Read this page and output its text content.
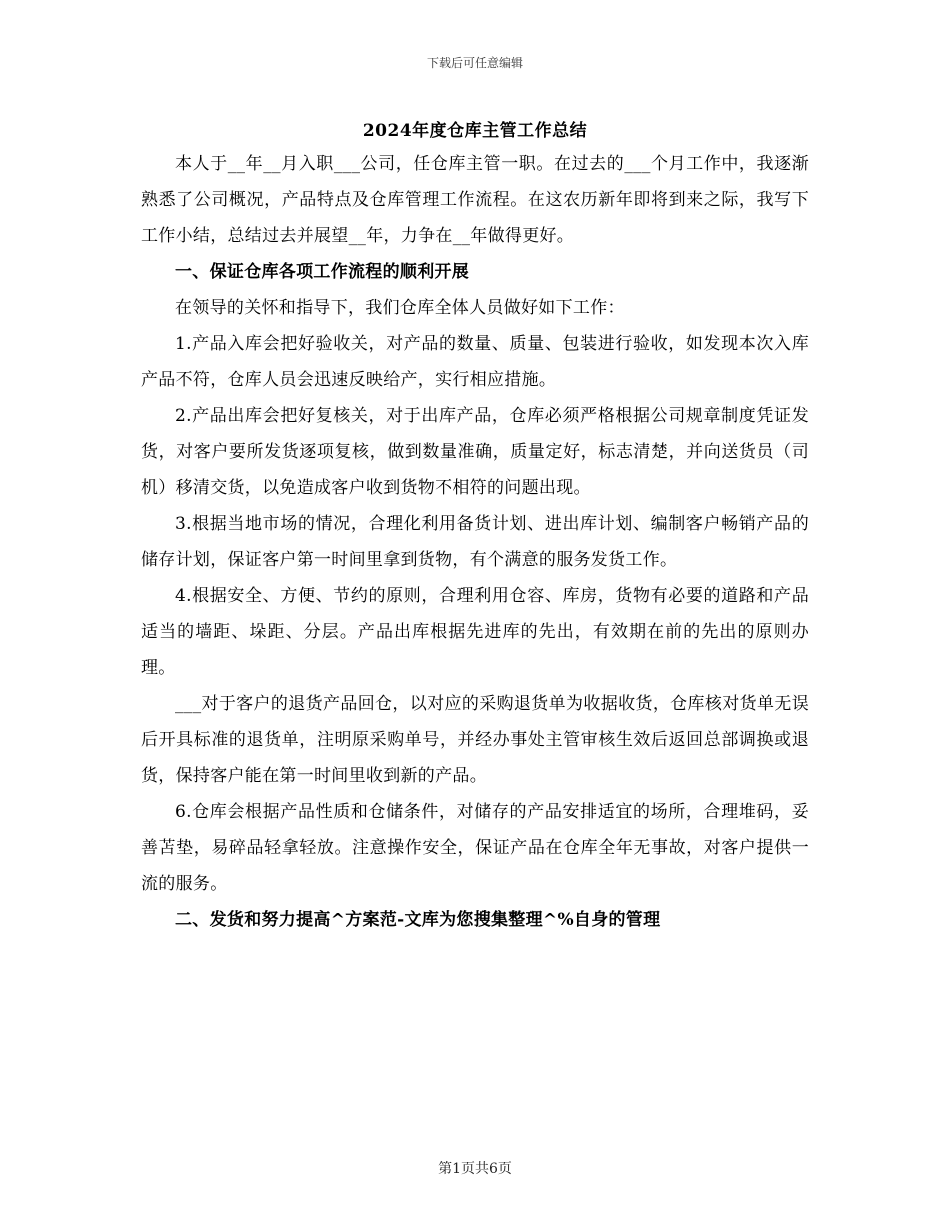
下载后可任意编辑
2024年度仓库主管工作总结

本人于__年__月入职___公司，任仓库主管一职。在过去的___个月工作中，我逐渐熟悉了公司概况，产品特点及仓库管理工作流程。在这农历新年即将到来之际，我写下工作小结，总结过去并展望__年，力争在__年做得更好。

一、保证仓库各项工作流程的顺利开展

在领导的关怀和指导下，我们仓库全体人员做好如下工作：

1.产品入库会把好验收关，对产品的数量、质量、包装进行验收，如发现本次入库产品不符，仓库人员会迅速反映给产，实行相应措施。

2.产品出库会把好复核关，对于出库产品，仓库必须严格根据公司规章制度凭证发货，对客户要所发货逐项复核，做到数量准确，质量定好，标志清楚，并向送货员（司机）移清交货，以免造成客户收到货物不相符的问题出现。

3.根据当地市场的情况，合理化利用备货计划、进出库计划、编制客户畅销产品的储存计划，保证客户第一时间里拿到货物，有个满意的服务发货工作。

4.根据安全、方便、节约的原则，合理利用仓容、库房，货物有必要的道路和产品适当的墙距、垛距、分层。产品出库根据先进库的先出，有效期在前的先出的原则办理。

___对于客户的退货产品回仓，以对应的采购退货单为收据收货，仓库核对货单无误后开具标准的退货单，注明原采购单号，并经办事处主管审核生效后返回总部调换或退货，保持客户能在第一时间里收到新的产品。

6.仓库会根据产品性质和仓储条件，对储存的产品安排适宜的场所，合理堆码，妥善苫垫，易碎品轻拿轻放。注意操作安全，保证产品在仓库全年无事故，对客户提供一流的服务。

二、发货和努力提高^方案范-文库为您搜集整理^%自身的管理

第1页共6页
